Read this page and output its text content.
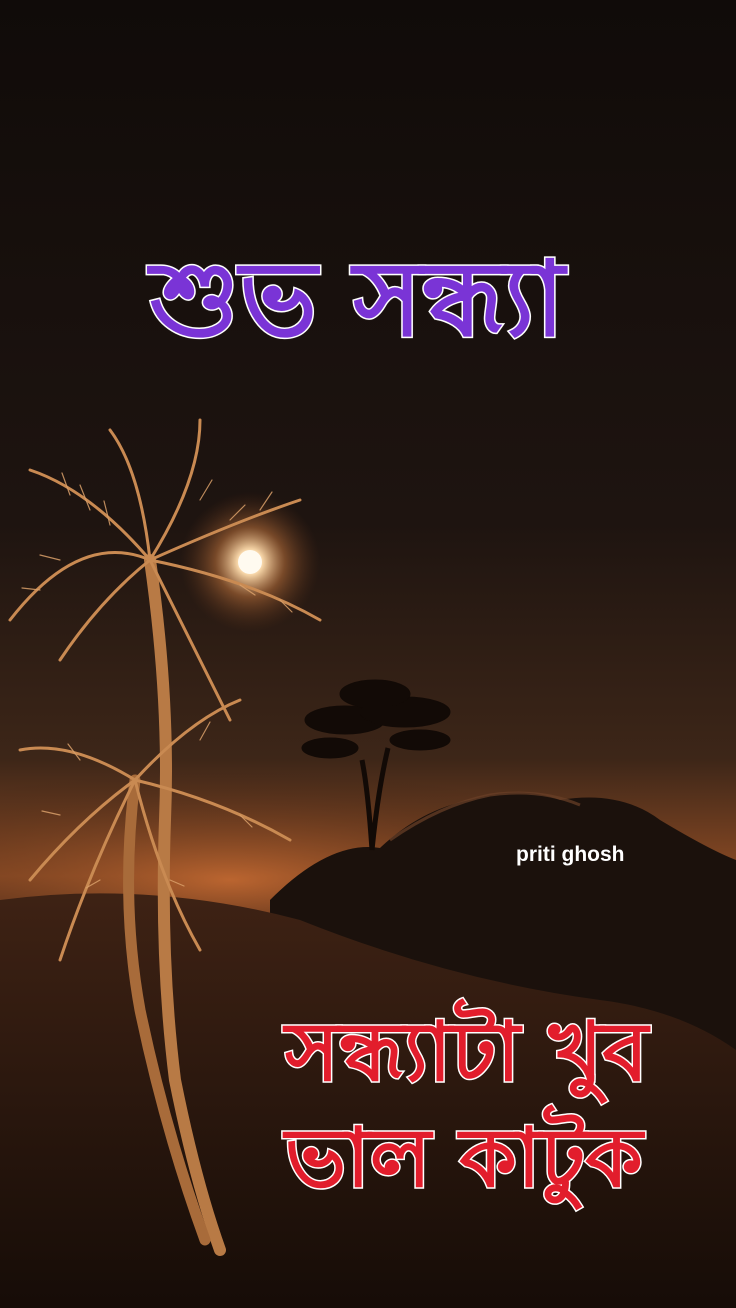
শুভ সন্ধ্যা
priti ghosh
সন্ধ্যাটা খুব
ভাল কাটুক
